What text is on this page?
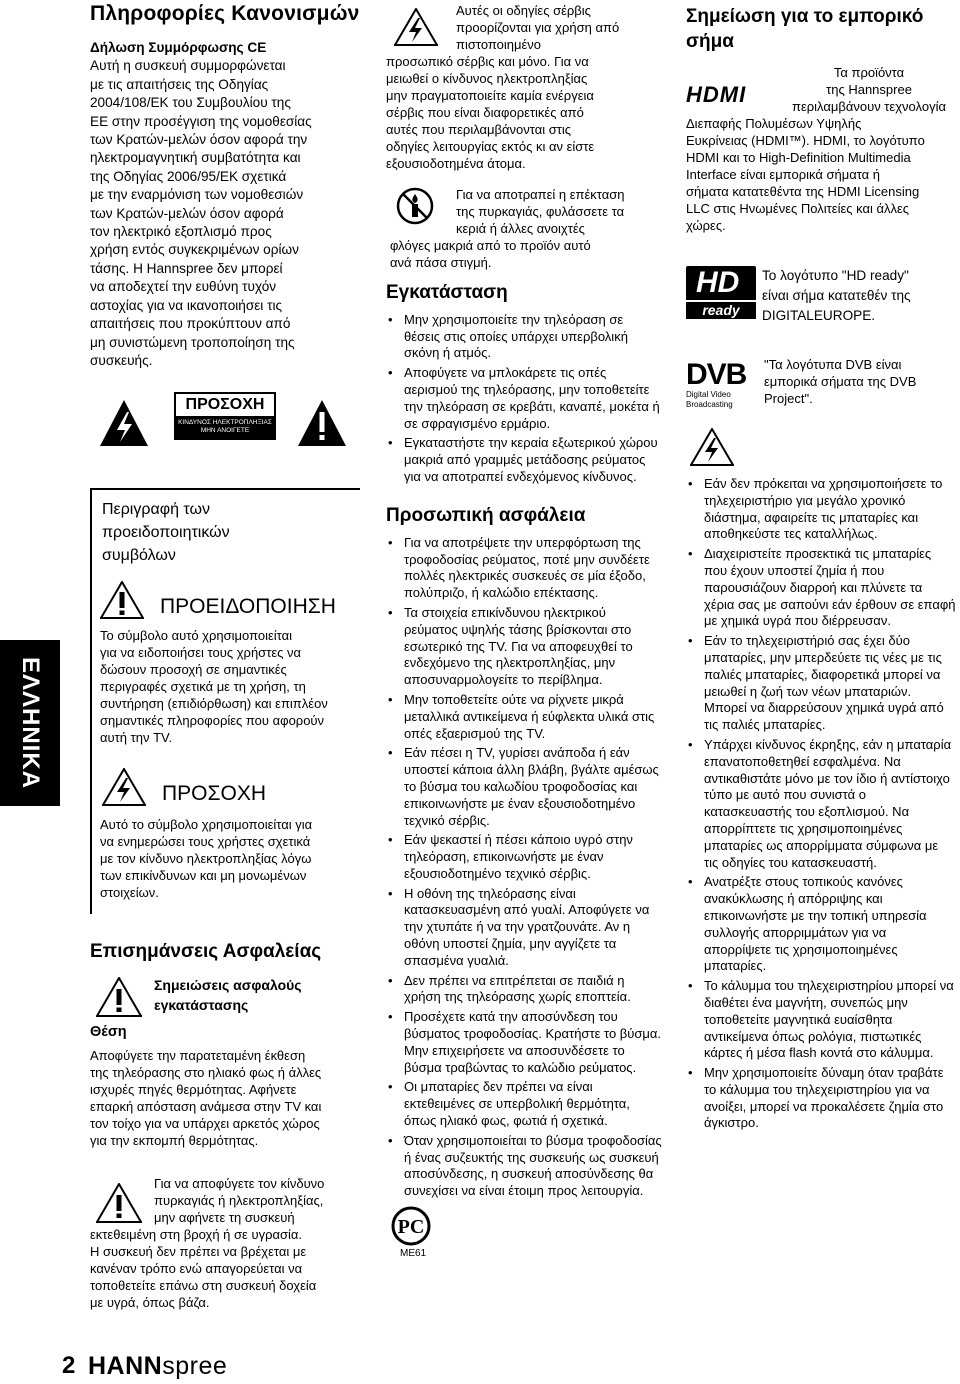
ΕΛΛΗΝΙΚΑ
Πληροφορίες Κανονισμών
Δήλωση Συμμόρφωσης CE
Αυτή η συσκευή συμμορφώνεται
με τις απαιτήσεις της Οδηγίας
2004/108/EK του Συμβουλίου της
ΕΕ στην προσέγγιση της νομοθεσίας
των Κρατών-μελών όσον αφορά την
ηλεκτρομαγνητική συμβατότητα και
της Οδηγίας 2006/95/ΕΚ σχετικά
με την εναρμόνιση των νομοθεσιών
των Κρατών-μελών όσον αφορά
τον ηλεκτρικό εξοπλισμό προς
χρήση εντός συγκεκριμένων ορίων
τάσης. Η Hannspree δεν μπορεί
να αποδεχτεί την ευθύνη τυχόν
αστοχίας για να ικανοποιήσει τις
απαιτήσεις που προκύπτουν από
μη συνιστώμενη τροποποίηση της
συσκευής.
ΠΡΟΣΟΧΗ
ΚΙΝΔΥΝΟΣ ΗΛΕΚΤΡΟΠΛΗΞΙΑΣ
ΜΗΝ ΑΝΟΙΓΕΤΕ
Περιγραφή των
προειδοποιητικών
συμβόλων
ΠΡΟΕΙΔΟΠΟΙΗΣΗ
Το σύμβολο αυτό χρησιμοποιείται
για να ειδοποιήσει τους χρήστες να
δώσουν προσοχή σε σημαντικές
περιγραφές σχετικά με τη χρήση, τη
συντήρηση (επιδιόρθωση) και επιπλέον
σημαντικές πληροφορίες που αφορούν
αυτή την TV.
ΠΡΟΣΟΧΗ
Αυτό το σύμβολο χρησιμοποιείται για
να ενημερώσει τους χρήστες σχετικά
με τον κίνδυνο ηλεκτροπληξίας λόγω
των επικίνδυνων και μη μονωμένων
στοιχείων.
Επισημάνσεις Ασφαλείας
Σημειώσεις ασφαλούς
εγκατάστασης
Θέση
Αποφύγετε την παρατεταμένη έκθεση
της τηλεόρασης στο ηλιακό φως ή άλλες
ισχυρές πηγές θερμότητας. Αφήνετε
επαρκή απόσταση ανάμεσα στην TV και
τον τοίχο για να υπάρχει αρκετός χώρος
για την εκπομπή θερμότητας.
Για να αποφύγετε τον κίνδυνο
πυρκαγιάς ή ηλεκτροπληξίας,
μην αφήνετε τη συσκευή
εκτεθειμένη στη βροχή ή σε υγρασία.
Η συσκευή δεν πρέπει να βρέχεται με
κανέναν τρόπο ενώ απαγορεύεται να
τοποθετείτε επάνω στη συσκευή δοχεία
με υγρά, όπως βάζα.
Αυτές οι οδηγίες σέρβις
προορίζονται για χρήση από
πιστοποιημένο
προσωπικό σέρβις και μόνο. Για να
μειωθεί ο κίνδυνος ηλεκτροπληξίας
μην πραγματοποιείτε καμία ενέργεια
σέρβις που είναι διαφορετικές από
αυτές που περιλαμβάνονται στις
οδηγίες λειτουργίας εκτός κι αν είστε
εξουσιοδοτημένα άτομα.
Για να αποτραπεί η επέκταση
της πυρκαγιάς, φυλάσσετε τα
κεριά ή άλλες ανοιχτές
φλόγες μακριά από το προϊόν αυτό
ανά πάσα στιγμή.
Εγκατάσταση
• Μην χρησιμοποιείτε την τηλεόραση σε θέσεις στις οποίες υπάρχει υπερβολική σκόνη ή ατμός.
• Αποφύγετε να μπλοκάρετε τις οπές αερισμού της τηλεόρασης, μην τοποθετείτε την τηλεόραση σε κρεβάτι, καναπέ, μοκέτα ή σε σφραγισμένο ερμάριο.
• Εγκαταστήστε την κεραία εξωτερικού χώρου μακριά από γραμμές μετάδοσης ρεύματος για να αποτραπεί ενδεχόμενος κίνδυνος.
Προσωπική ασφάλεια
• Για να αποτρέψετε την υπερφόρτωση της τροφοδοσίας ρεύματος, ποτέ μην συνδέετε πολλές ηλεκτρικές συσκευές σε μία έξοδο, πολύπριζο, ή καλώδιο επέκτασης.
• Τα στοιχεία επικίνδυνου ηλεκτρικού ρεύματος υψηλής τάσης βρίσκονται στο εσωτερικό της TV. Για να αποφευχθεί το ενδεχόμενο της ηλεκτροπληξίας, μην αποσυναρμολογείτε το περίβλημα.
• Μην τοποθετείτε ούτε να ρίχνετε μικρά μεταλλικά αντικείμενα ή εύφλεκτα υλικά στις οπές εξαερισμού της TV.
• Εάν πέσει η TV, γυρίσει ανάποδα ή εάν υποστεί κάποια άλλη βλάβη, βγάλτε αμέσως το βύσμα του καλωδίου τροφοδοσίας και επικοινωνήστε με έναν εξουσιοδοτημένο τεχνικό σέρβις.
• Εάν ψεκαστεί ή πέσει κάποιο υγρό στην τηλεόραση, επικοινωνήστε με έναν εξουσιοδοτημένο τεχνικό σέρβις.
• Η οθόνη της τηλεόρασης είναι κατασκευασμένη από γυαλί. Αποφύγετε να την χτυπάτε ή να την γρατζουνάτε. Αν η οθόνη υποστεί ζημία, μην αγγίζετε τα σπασμένα γυαλιά.
• Δεν πρέπει να επιτρέπεται σε παιδιά η χρήση της τηλεόρασης χωρίς εποπτεία.
• Προσέχετε κατά την αποσύνδεση του βύσματος τροφοδοσίας. Κρατήστε το βύσμα. Μην επιχειρήσετε να αποσυνδέσετε το βύσμα τραβώντας το καλώδιο ρεύματος.
• Οι μπαταρίες δεν πρέπει να είναι εκτεθειμένες σε υπερβολική θερμότητα, όπως ηλιακό φως, φωτιά ή σχετικά.
• Όταν χρησιμοποιείται το βύσμα τροφοδοσίας ή ένας συζευκτής της συσκευής ως συσκευή αποσύνδεσης, η συσκευή αποσύνδεσης θα συνεχίσει να είναι έτοιμη προς λειτουργία.
PC
ME61
Σημείωση για το εμπορικό
σήμα
HDMI
Τα προϊόντα
της Hannspree
περιλαμβάνουν τεχνολογία
Διεπαφής Πολυμέσων Υψηλής
Ευκρίνειας (HDMI™). HDMI, το λογότυπο
HDMI και το High-Definition Multimedia
Interface είναι εμπορικά σήματα ή
σήματα κατατεθέντα της HDMI Licensing
LLC στις Ηνωμένες Πολιτείες και άλλες
χώρες.
HD
ready
Το λογότυπο "HD ready"
είναι σήμα κατατεθέν της
DIGITALEUROPE.
DVB
Digital Video
Broadcasting
"Τα λογότυπα DVB είναι
εμπορικά σήματα της DVB
Project".
• Εάν δεν πρόκειται να χρησιμοποιήσετε το τηλεχειριστήριο για μεγάλο χρονικό διάστημα, αφαιρείτε τις μπαταρίες και αποθηκεύστε τες καταλλήλως.
• Διαχειριστείτε προσεκτικά τις μπαταρίες που έχουν υποστεί ζημία ή που παρουσιάζουν διαρροή και πλύνετε τα χέρια σας με σαπούνι εάν έρθουν σε επαφή με χημικά υγρά που διέρρευσαν.
• Εάν το τηλεχειριστήριό σας έχει δύο μπαταρίες, μην μπερδεύετε τις νέες με τις παλιές μπαταρίες, διαφορετικά μπορεί να μειωθεί η ζωή των νέων μπαταριών. Μπορεί να διαρρεύσουν χημικά υγρά από τις παλιές μπαταρίες.
• Υπάρχει κίνδυνος έκρηξης, εάν η μπαταρία επανατοποθετηθεί εσφαλμένα. Να αντικαθιστάτε μόνο με τον ίδιο ή αντίστοιχο τύπο με αυτό που συνιστά ο κατασκευαστής του εξοπλισμού. Να απορρίπτετε τις χρησιμοποιημένες μπαταρίες ως απορρίμματα σύμφωνα με τις οδηγίες του κατασκευαστή.
• Ανατρέξτε στους τοπικούς κανόνες ανακύκλωσης ή απόρριψης και επικοινωνήστε με την τοπική υπηρεσία συλλογής απορριμμάτων για να απορρίψετε τις χρησιμοποιημένες μπαταρίες.
• Το κάλυμμα του τηλεχειριστηρίου μπορεί να διαθέτει ένα μαγνήτη, συνεπώς μην τοποθετείτε μαγνητικά ευαίσθητα αντικείμενα όπως ρολόγια, πιστωτικές κάρτες ή μέσα flash κοντά στο κάλυμμα.
• Μην χρησιμοποιείτε δύναμη όταν τραβάτε το κάλυμμα του τηλεχειριστηρίου για να ανοίξει, μπορεί να προκαλέσετε ζημία στο άγκιστρο.
2 HANNspree
